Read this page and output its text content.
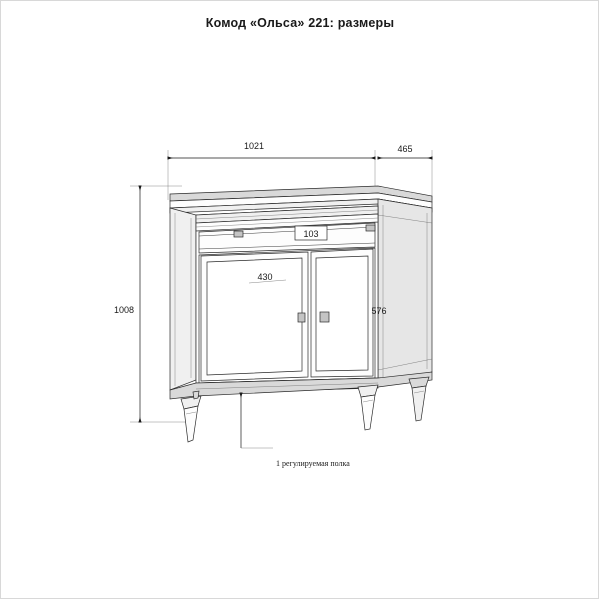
Комод «Ольса» 221: размеры
1021	465
1008
103
430
576
1 регулируемая полка
